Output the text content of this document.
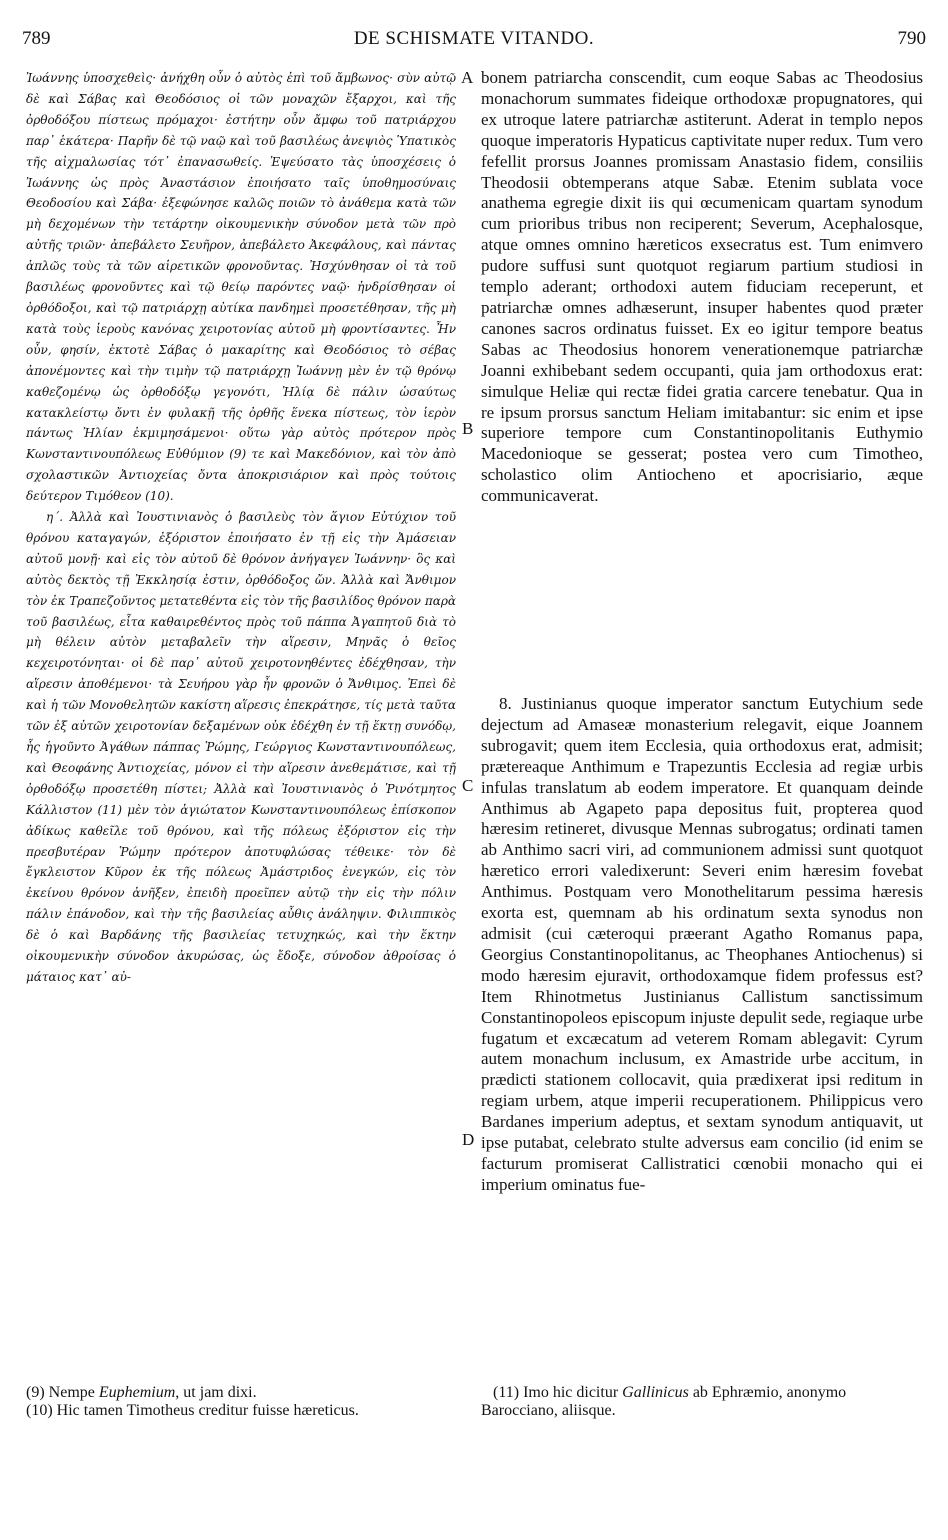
789	DE SCHISMATE VITANDO.	790

Ἰωάννης ὑποσχεθεὶς· ἀνήχθη οὖν ὁ αὐτὸς ἐπὶ τοῦ ἄμβωνος· σὺν αὐτῷ δὲ καὶ Σάβας καὶ Θεοδόσιος οἱ τῶν μοναχῶν ἔξαρχοι, καὶ τῆς ὀρθοδόξου πίστεως πρόμαχοι· ἐστήτην οὖν ἄμφω τοῦ πατριάρχου παρ᾽ ἑκάτερα· Παρῆν δὲ τῷ ναῷ καὶ τοῦ βασιλέως ἀνεψιὸς Ὑπατικὸς τῆς αἰχμαλωσίας τότ᾽ ἐπανασωθείς. Ἐψεύσατο τὰς ὑποσχέσεις ὁ Ἰωάννης ὡς πρὸς Ἀναστάσιον ἐποιήσατο ταῖς ὑποθημοσύναις Θεοδοσίου καὶ Σάβα· ἐξεφώνησε καλῶς ποιῶν τὸ ἀνάθεμα κατὰ τῶν μὴ δεχομένων τὴν τετάρτην οἰκουμενικὴν σύνοδον μετὰ τῶν πρὸ αὐτῆς τριῶν· ἀπεβάλετο Σευῆρον, ἀπεβάλετο Ἀκεφάλους, καὶ πάντας ἁπλῶς τοὺς τὰ τῶν αἱρετικῶν φρονοῦντας. Ἠσχύνθησαν οἱ τὰ τοῦ βασιλέως φρονοῦντες καὶ τῷ θείῳ παρόντες ναῷ· ἠνδρίσθησαν οἱ ὀρθόδοξοι, καὶ τῷ πατριάρχῃ αὐτίκα πανδημεὶ προσετέθησαν, τῆς μὴ κατὰ τοὺς ἱεροὺς κανόνας χειροτονίας αὐτοῦ μὴ φροντίσαντες. Ἦν οὖν, φησίν, ἐκτοτὲ Σάβας ὁ μακαρίτης καὶ Θεοδόσιος τὸ σέβας ἀπονέμοντες καὶ τὴν τιμὴν τῷ πατριάρχῃ Ἰωάννῃ μὲν ἐν τῷ θρόνῳ καθεζομένῳ ὡς ὀρθοδόξῳ γεγονότι, Ἠλίᾳ δὲ πάλιν ὡσαύτως κατακλείστῳ ὄντι ἐν φυλακῇ τῆς ὀρθῆς ἕνεκα πίστεως, τὸν ἱερὸν πάντως Ἠλίαν ἐκμιμησάμενοι· οὕτω γὰρ αὐτὸς πρότερον πρὸς Κωνσταντινουπόλεως Εὐθύμιον (9) τε καὶ Μακεδόνιον, καὶ τὸν ἀπὸ σχολαστικῶν Ἀντιοχείας ὄντα ἀποκρισιάριον καὶ πρὸς τούτοις δεύτερον Τιμόθεον (10).

η´. Ἀλλὰ καὶ Ἰουστινιανὸς ὁ βασιλεὺς τὸν ἅγιον Εὐτύχιον τοῦ θρόνου καταγαγών, ἐξόριστον ἐποιήσατο ἐν τῇ εἰς τὴν Ἀμάσειαν αὐτοῦ μονῇ· καὶ εἰς τὸν αὐτοῦ δὲ θρόνον ἀνήγαγεν Ἰωάννην· ὃς καὶ αὐτὸς δεκτὸς τῇ Ἐκκλησίᾳ ἐστιν, ὀρθόδοξος ὤν. Ἀλλὰ καὶ Ἄνθιμον τὸν ἐκ Τραπεζοῦντος μετατεθέντα εἰς τὸν τῆς βασιλίδος θρόνον παρὰ τοῦ βασιλέως, εἶτα καθαιρεθέντος πρὸς τοῦ πάππα Ἀγαπητοῦ διὰ τὸ μὴ θέλειν αὐτὸν μεταβαλεῖν τὴν αἵρεσιν, Μηνᾶς ὁ θεῖος κεχειροτόνηται· οἱ δὲ παρ᾽ αὐτοῦ χειροτονηθέντες ἐδέχθησαν, τὴν αἵρεσιν ἀποθέμενοι· τὰ Σευήρου γὰρ ἦν φρονῶν ὁ Ἄνθιμος. Ἐπεὶ δὲ καὶ ἡ τῶν Μονοθελητῶν κακίστη αἵρεσις ἐπεκράτησε, τίς μετὰ ταῦτα τῶν ἐξ αὐτῶν χειροτονίαν δεξαμένων οὐκ ἐδέχθη ἐν τῇ ἕκτῃ συνόδῳ, ἧς ἡγοῦντο Ἀγάθων πάππας Ῥώμης, Γεώργιος Κωνσταντινουπόλεως, καὶ Θεοφάνης Ἀντιοχείας, μόνον εἰ τὴν αἵρεσιν ἀνεθεμάτισε, καὶ τῇ ὀρθοδόξῳ προσετέθη πίστει; Ἀλλὰ καὶ Ἰουστινιανὸς ὁ Ῥινότμητος Κάλλιστον (11) μὲν τὸν ἁγιώτατον Κωνσταντινουπόλεως ἐπίσκοπον ἀδίκως καθεῖλε τοῦ θρόνου, καὶ τῆς πόλεως ἐξόριστον εἰς τὴν πρεσβυτέραν Ῥώμην πρότερον ἀποτυφλώσας τέθεικε· τὸν δὲ ἔγκλειστον Κῦρον ἐκ τῆς πόλεως Ἀμάστριδος ἐνεγκών, εἰς τὸν ἐκείνου θρόνον ἀνῆξεν, ἐπειδὴ προεῖπεν αὐτῷ τὴν εἰς τὴν πόλιν πάλιν ἐπάνοδον, καὶ τὴν τῆς βασιλείας αὖθις ἀνάληψιν. Φιλιππικὸς δὲ ὁ καὶ Βαρδάνης τῆς βασιλείας τετυχηκώς, καὶ τὴν ἕκτην οἰκουμενικὴν σύνοδον ἀκυρώσας, ὡς ἔδοξε, σύνοδον ἀθροίσας ὁ μάταιος κατ᾽ αὐ-

A
B
C
D

bonem patriarcha conscendit, cum eoque Sabas ac Theodosius monachorum summates fideique orthodoxæ propugnatores, qui ex utroque latere patriarchæ astiterunt. Aderat in templo nepos quoque imperatoris Hypaticus captivitate nuper redux. Tum vero fefellit prorsus Joannes promissam Anastasio fidem, consiliis Theodosii obtemperans atque Sabæ. Etenim sublata voce anathema egregie dixit iis qui œcumenicam quartam synodum cum prioribus tribus non reciperent; Severum, Acephalosque, atque omnes omnino hæreticos exsecratus est. Tum enimvero pudore suffusi sunt quotquot regiarum partium studiosi in templo aderant; orthodoxi autem fiduciam receperunt, et patriarchæ omnes adhæserunt, insuper habentes quod præter canones sacros ordinatus fuisset. Ex eo igitur tempore beatus Sabas ac Theodosius honorem venerationemque patriarchæ Joanni exhibebant sedem occupanti, quia jam orthodoxus erat: simulque Heliæ qui rectæ fidei gratia carcere tenebatur. Qua in re ipsum prorsus sanctum Heliam imitabantur: sic enim et ipse superiore tempore cum Constantinopolitanis Euthymio Macedonioque se gesserat; postea vero cum Timotheo, scholastico olim Antiocheno et apocrisiario, æque communicaverat.

8. Justinianus quoque imperator sanctum Eutychium sede dejectum ad Amaseæ monasterium relegavit, eique Joannem subrogavit; quem item Ecclesia, quia orthodoxus erat, admisit; prætereaque Anthimum e Trapezuntis Ecclesia ad regiæ urbis infulas translatum ab eodem imperatore. Et quanquam deinde Anthimus ab Agapeto papa depositus fuit, propterea quod hæresim retineret, divusque Mennas subrogatus; ordinati tamen ab Anthimo sacri viri, ad communionem admissi sunt quotquot hæretico errori valedixerunt: Severi enim hæresim fovebat Anthimus. Postquam vero Monothelitarum pessima hæresis exorta est, quemnam ab his ordinatum sexta synodus non admisit (cui cæteroqui præerant Agatho Romanus papa, Georgius Constantinopolitanus, ac Theophanes Antiochenus) si modo hæresim ejuravit, orthodoxamque fidem professus est? Item Rhinotmetus Justinianus Callistum sanctissimum Constantinopoleos episcopum injuste depulit sede, regiaque urbe fugatum et excæcatum ad veterem Romam ablegavit: Cyrum autem monachum inclusum, ex Amastride urbe accitum, in prædicti stationem collocavit, quia prædixerat ipsi reditum in regiam urbem, atque imperii recuperationem. Philippicus vero Bardanes imperium adeptus, et sextam synodum antiquavit, ut ipse putabat, celebrato stulte adversus eam concilio (id enim se facturum promiserat Callistratici cœnobii monacho qui ei imperium ominatus fue-

(9) Nempe Euphemium, ut jam dixi.

(10) Hic tamen Timotheus creditur fuisse hæreticus.

(11) Imo hic dicitur Gallinicus ab Ephræmio, anonymo Barocciano, aliisque.
